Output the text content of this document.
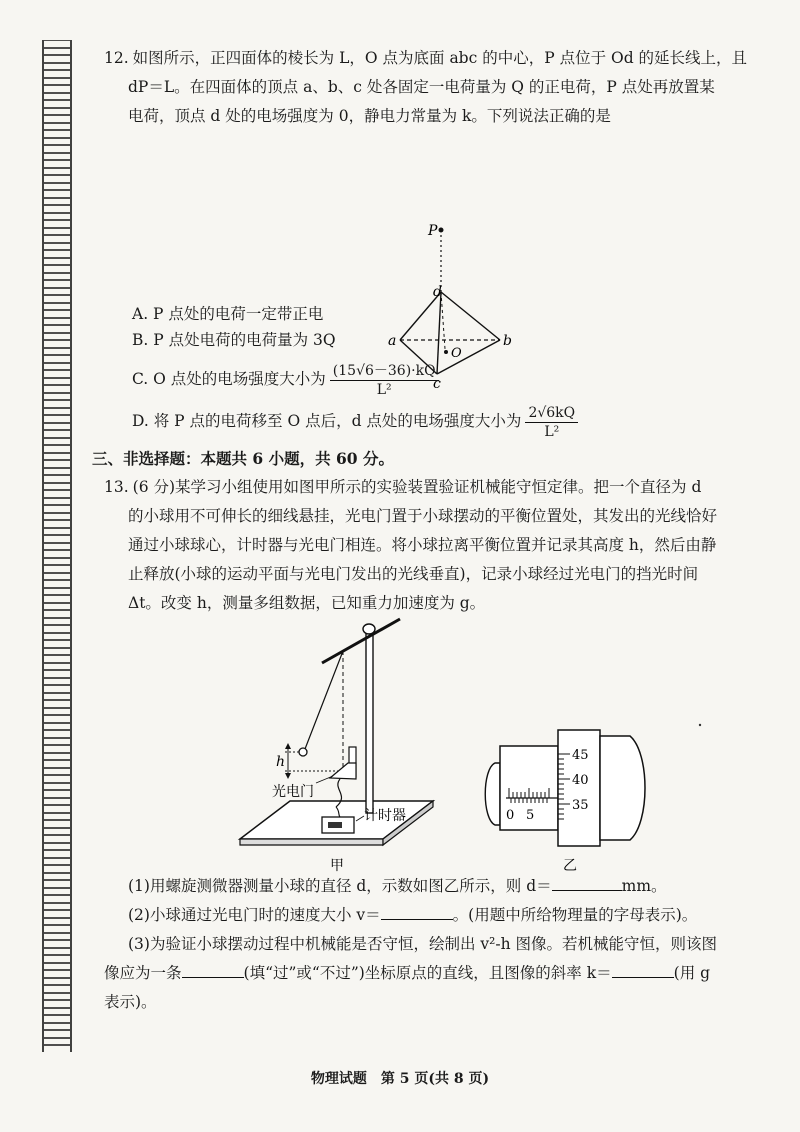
12. 如图所示，正四面体的棱长为 L，O 点为底面 abc 的中心，P 点位于 Od 的延长线上，且

dP＝L。在四面体的顶点 a、b、c 处各固定一电荷量为 Q 的正电荷，P 点处再放置某

电荷，顶点 d 处的电场强度为 0，静电力常量为 k。下列说法正确的是

P
d
a	b
c
O

A. P 点处的电荷一定带正电

B. P 点处电荷的电荷量为 3Q

C. O 点处的电场强度大小为 $\frac{(15√6-36)\cdot kQ}{\text{L²}}$

D. 将 P 点的电荷移至 O 点后，d 点处的电场强度大小为 $\frac{2√6kQ}{\text{L²}}$

三、非选择题：本题共 6 小题，共 60 分。

13. (6 分)某学习小组使用如图甲所示的实验装置验证机械能守恒定律。把一个直径为 d

的小球用不可伸长的细线悬挂，光电门置于小球摆动的平衡位置处，其发出的光线恰好

通过小球球心，计时器与光电门相连。将小球拉离平衡位置并记录其高度 h，然后由静

止释放(小球的运动平面与光电门发出的光线垂直)，记录小球经过光电门的挡光时间

Δt。改变 h，测量多组数据，已知重力加速度为 g。

h
光电门
计时器
甲
0 5
45
40
35
乙

(1)用螺旋测微器测量小球的直径 d，示数如图乙所示，则 d＝	mm。

(2)小球通过光电门时的速度大小 v＝	。(用题中所给物理量的字母表示)。

(3)为验证小球摆动过程中机械能是否守恒，绘制出 v²-h 图像。若机械能守恒，则该图

像应为一条	(填“过”或“不过”)坐标原点的直线，且图像的斜率 k＝	(用 g

表示)。

物理试题　第 5 页(共 8 页)
